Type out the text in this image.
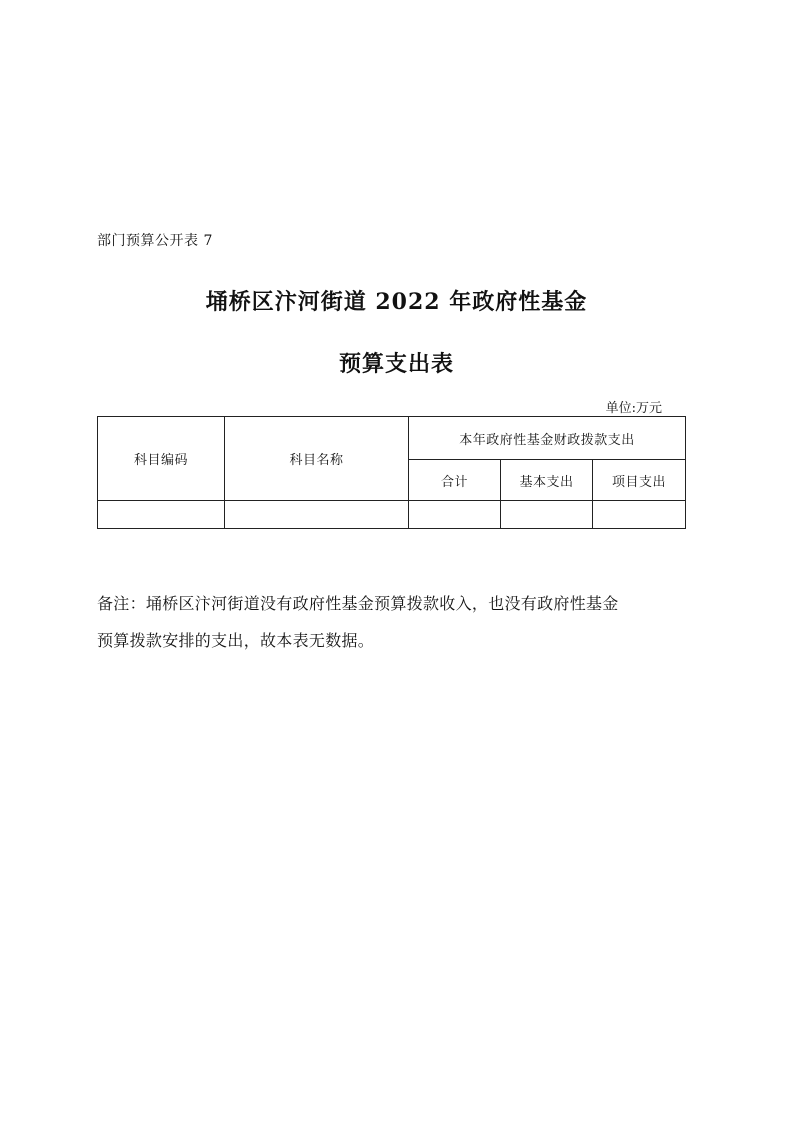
部门预算公开表 7
埇桥区汴河街道 2022 年政府性基金
预算支出表
单位:万元
科目编码	科目名称	本年政府性基金财政拨款支出		
		合计	基本支出	项目支出

备注：埇桥区汴河街道没有政府性基金预算拨款收入，也没有政府性基金
预算拨款安排的支出，故本表无数据。
